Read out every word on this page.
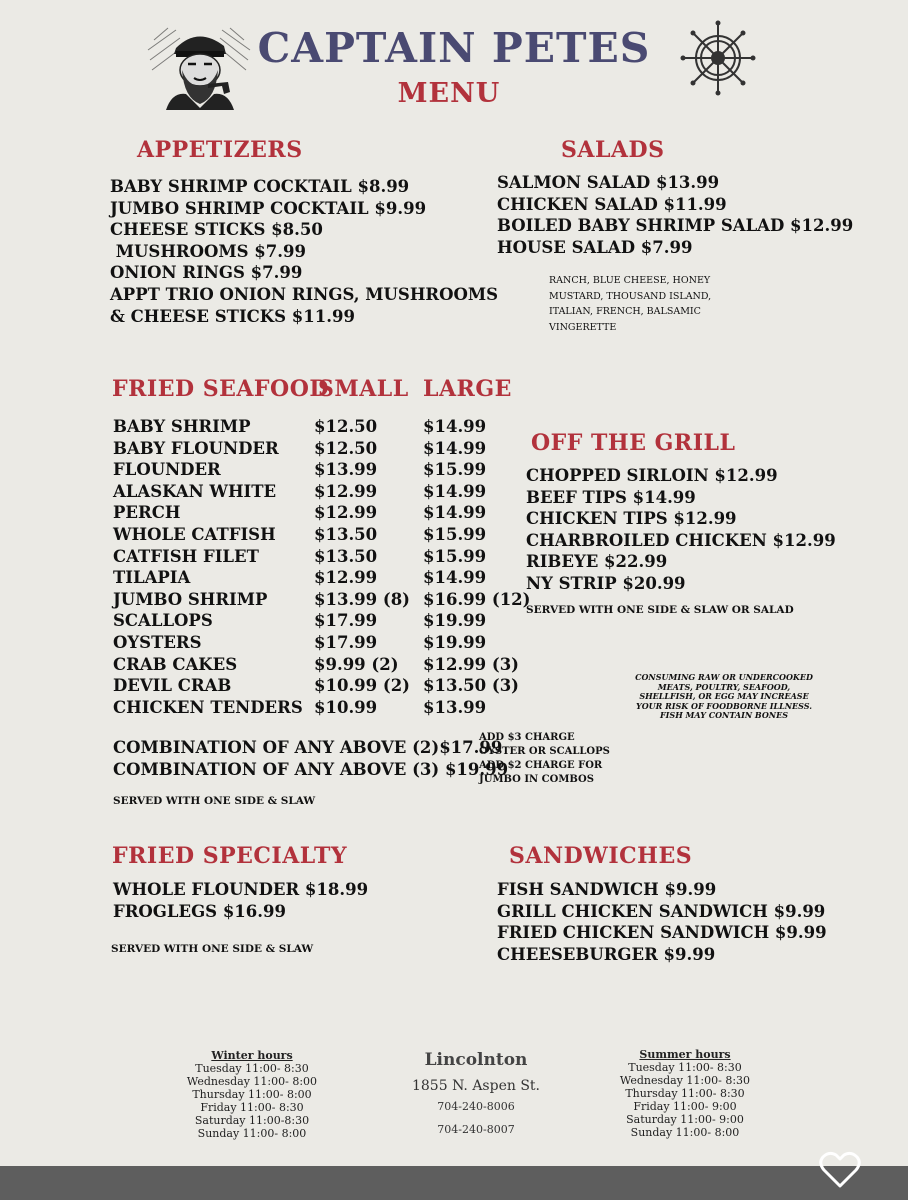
CAPTAIN PETES
MENU
APPETIZERS
BABY SHRIMP COCKTAIL $8.99
JUMBO SHRIMP COCKTAIL $9.99
CHEESE STICKS $8.50
MUSHROOMS $7.99
ONION RINGS $7.99
APPT TRIO ONION RINGS, MUSHROOMS
& CHEESE STICKS $11.99
SALADS
SALMON SALAD $13.99
CHICKEN SALAD $11.99
BOILED BABY SHRIMP SALAD $12.99
HOUSE SALAD $7.99
RANCH, BLUE CHEESE, HONEY
MUSTARD, THOUSAND ISLAND,
ITALIAN, FRENCH, BALSAMIC
VINGERETTE
FRIED SEAFOOD
SMALL LARGE
BABY SHRIMP	$12.50	$14.99
BABY FLOUNDER $12.50	$14.99
FLOUNDER	$13.99	$15.99
ALASKAN WHITE $12.99	$14.99
PERCH	$12.99	$14.99
WHOLE CATFISH $13.50	$15.99
CATFISH FILET	$13.50	$15.99
TILAPIA	$12.99	$14.99
JUMBO SHRIMP	$13.99 (8) $16.99 (12)
SCALLOPS	$17.99	$19.99
OYSTERS	$17.99	$19.99
CRAB CAKES	$9.99 (2) $12.99 (3)
DEVIL CRAB	$10.99 (2) $13.50 (3)
CHICKEN TENDERS $10.99	$13.99
COMBINATION OF ANY ABOVE (2)$17.99
COMBINATION OF ANY ABOVE (3) $19.99
ADD $3 CHARGE
OYSTER OR SCALLOPS
ADD $2 CHARGE FOR
JUMBO IN COMBOS
SERVED WITH ONE SIDE & SLAW
OFF THE GRILL
CHOPPED SIRLOIN $12.99
BEEF TIPS $14.99
CHICKEN TIPS $12.99
CHARBROILED CHICKEN $12.99
RIBEYE $22.99
NY STRIP $20.99
SERVED WITH ONE SIDE & SLAW OR SALAD
CONSUMING RAW OR UNDERCOOKED
MEATS, POULTRY, SEAFOOD,
SHELLFISH, OR EGG MAY INCREASE
YOUR RISK OF FOODBORNE ILLNESS.
FISH MAY CONTAIN BONES
FRIED SPECIALTY
WHOLE FLOUNDER $18.99
FROGLEGS $16.99
SERVED WITH ONE SIDE & SLAW
SANDWICHES
FISH SANDWICH $9.99
GRILL CHICKEN SANDWICH $9.99
FRIED CHICKEN SANDWICH $9.99
CHEESEBURGER $9.99
Winter hours
Tuesday 11:00- 8:30
Wednesday 11:00- 8:00
Thursday 11:00- 8:00
Friday 11:00- 8:30
Saturday 11:00-8:30
Sunday 11:00- 8:00
Lincolnton
1855 N. Aspen St.
704-240-8006
704-240-8007
Summer hours
Tuesday 11:00- 8:30
Wednesday 11:00- 8:30
Thursday 11:00- 8:30
Friday 11:00- 9:00
Saturday 11:00- 9:00
Sunday 11:00- 8:00
